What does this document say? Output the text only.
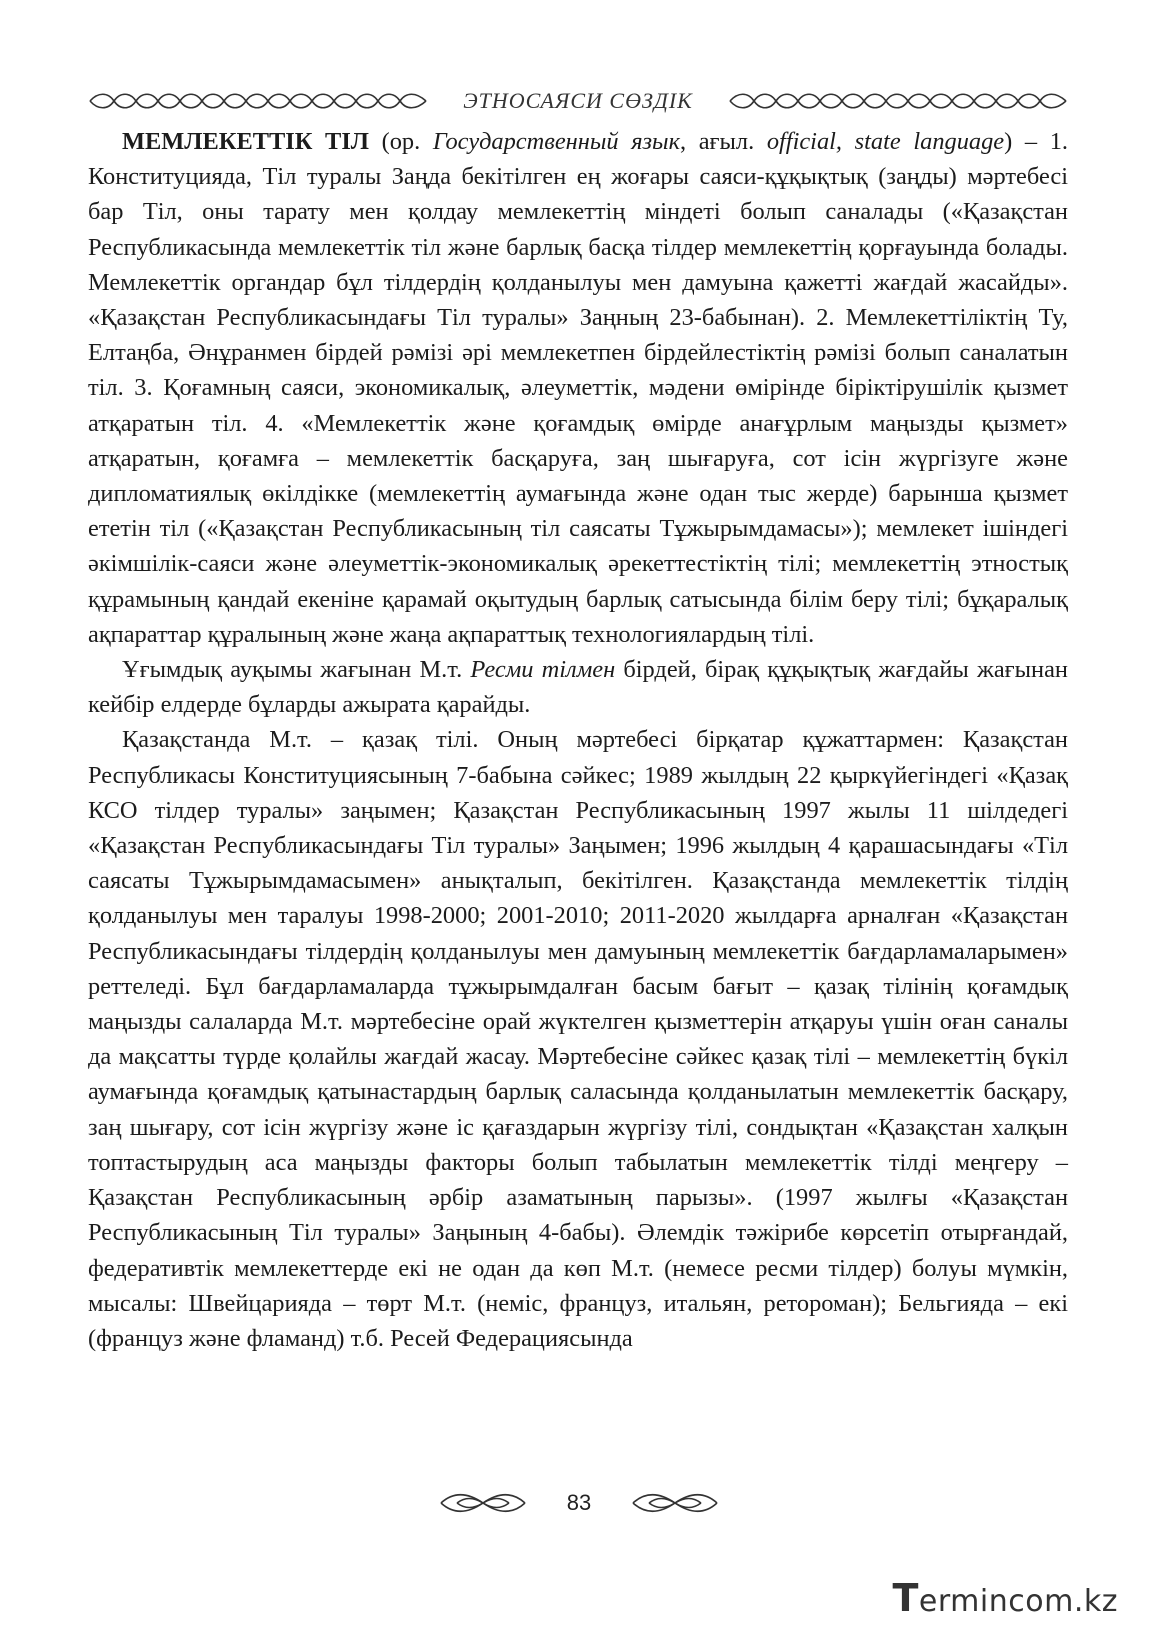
ЭТНОСАЯСИ СӨЗДІК

МЕМЛЕКЕТТІК ТІЛ (ор. Государственный язык, ағыл. official, state language) – 1. Конституцияда, Тіл туралы Заңда бекітілген ең жоғары саяси-құқықтық (заңды) мәртебесі бар Тіл, оны тарату мен қолдау мемлекеттің міндеті болып саналады («Қазақстан Республикасында мемлекеттік тіл және барлық басқа тілдер мемлекеттің қорғауында болады. Мемлекеттік органдар бұл тілдердің қолданылуы мен дамуына қажетті жағдай жасайды». «Қазақстан Республикасындағы Тіл туралы» Заңның 23-бабынан). 2. Мемлекеттіліктің Ту, Елтаңба, Әнұранмен бірдей рәмізі әрі мемлекетпен бірдейлестіктің рәмізі болып саналатын тіл. 3. Қоғамның саяси, экономикалық, әлеуметтік, мәдени өмірінде біріктірушілік қызмет атқаратын тіл. 4. «Мемлекеттік және қоғамдық өмірде анағұрлым маңызды қызмет» атқаратын, қоғамға – мемлекеттік басқаруға, заң шығаруға, сот ісін жүргізуге және дипломатиялық өкілдікке (мемлекеттің аумағында және одан тыс жерде) барынша қызмет ететін тіл («Қазақстан Республикасының тіл саясаты Тұжырымдамасы»); мемлекет ішіндегі әкімшілік-саяси және әлеуметтік-экономикалық әрекеттестіктің тілі; мемлекеттің этностық құрамының қандай екеніне қарамай оқытудың барлық сатысында білім беру тілі; бұқаралық ақпараттар құралының және жаңа ақпараттық технологиялардың тілі.

Ұғымдық ауқымы жағынан М.т. Ресми тілмен бірдей, бірақ құқықтық жағдайы жағынан кейбір елдерде бұларды ажырата қарайды.

Қазақстанда М.т. – қазақ тілі. Оның мәртебесі бірқатар құжаттармен: Қазақстан Республикасы Конституциясының 7-бабына сәйкес; 1989 жылдың 22 қыркүйегіндегі «Қазақ КСО тілдер туралы» заңымен; Қазақстан Республикасының 1997 жылы 11 шілдедегі «Қазақстан Республикасындағы Тіл туралы» Заңымен; 1996 жылдың 4 қарашасындағы «Тіл саясаты Тұжырымдамасымен» анықталып, бекітілген. Қазақстанда мемлекеттік тілдің қолданылуы мен таралуы 1998-2000; 2001-2010; 2011-2020 жылдарға арналған «Қазақстан Республикасындағы тілдердің қолданылуы мен дамуының мемлекеттік бағдарламаларымен» реттеледі. Бұл бағдарламаларда тұжырымдалған басым бағыт – қазақ тілінің қоғамдық маңызды салаларда М.т. мәртебесіне орай жүктелген қызметтерін атқаруы үшін оған саналы да мақсатты түрде қолайлы жағдай жасау. Мәртебесіне сәйкес қазақ тілі – мемлекеттің бүкіл аумағында қоғамдық қатынастардың барлық саласында қолданылатын мемлекеттік басқару, заң шығару, сот ісін жүргізу және іс қағаздарын жүргізу тілі, сондықтан «Қазақстан халқын топтастырудың аса маңызды факторы болып табылатын мемлекеттік тілді меңгеру – Қазақстан Республикасының әрбір азаматының парызы». (1997 жылғы «Қазақстан Республикасының Тіл туралы» Заңының 4-бабы). Әлемдік тәжірибе көрсетіп отырғандай, федеративтік мемлекеттерде екі не одан да көп М.т. (немесе ресми тілдер) болуы мүмкін, мысалы: Швейцарияда – төрт М.т. (неміс, француз, итальян, ретороман); Бельгияда – екі (француз және фламанд) т.б. Ресей Федерациясында

83
Termincom.kz
